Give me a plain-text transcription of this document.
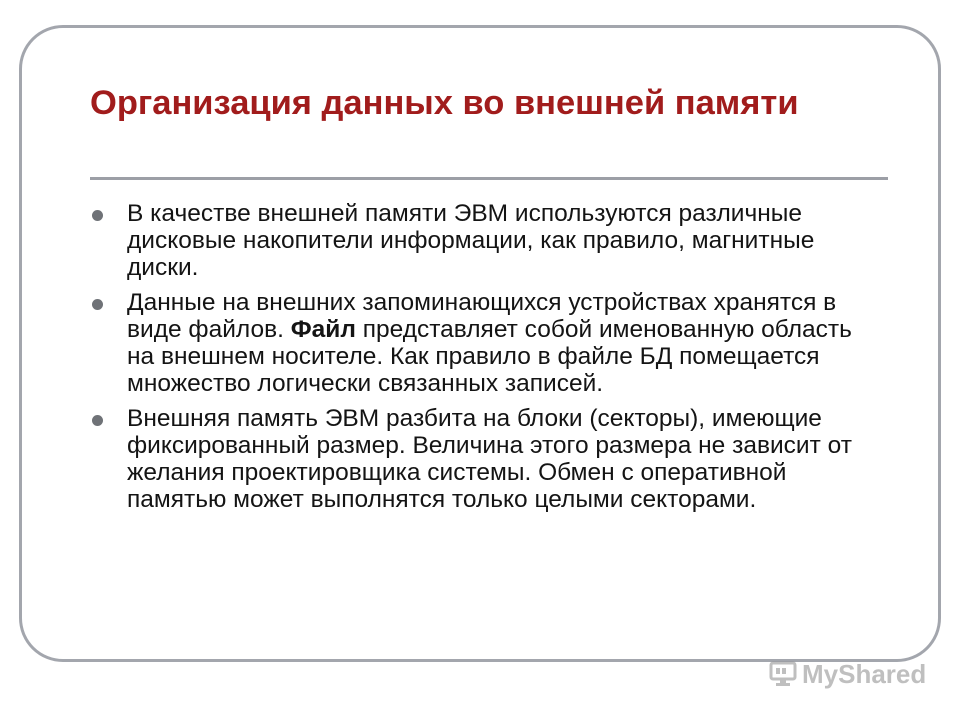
Организация данных во внешней памяти
В качестве внешней памяти ЭВМ используются различные дисковые накопители информации, как правило, магнитные диски.
Данные на внешних запоминающихся устройствах хранятся в виде файлов. Файл представляет собой именованную область на внешнем носителе. Как правило в файле БД помещается множество логически связанных записей.
Внешняя память ЭВМ разбита на блоки (секторы), имеющие фиксированный размер. Величина этого размера не зависит от желания проектировщика системы. Обмен с оперативной памятью может выполнятся только целыми секторами.
MyShared
